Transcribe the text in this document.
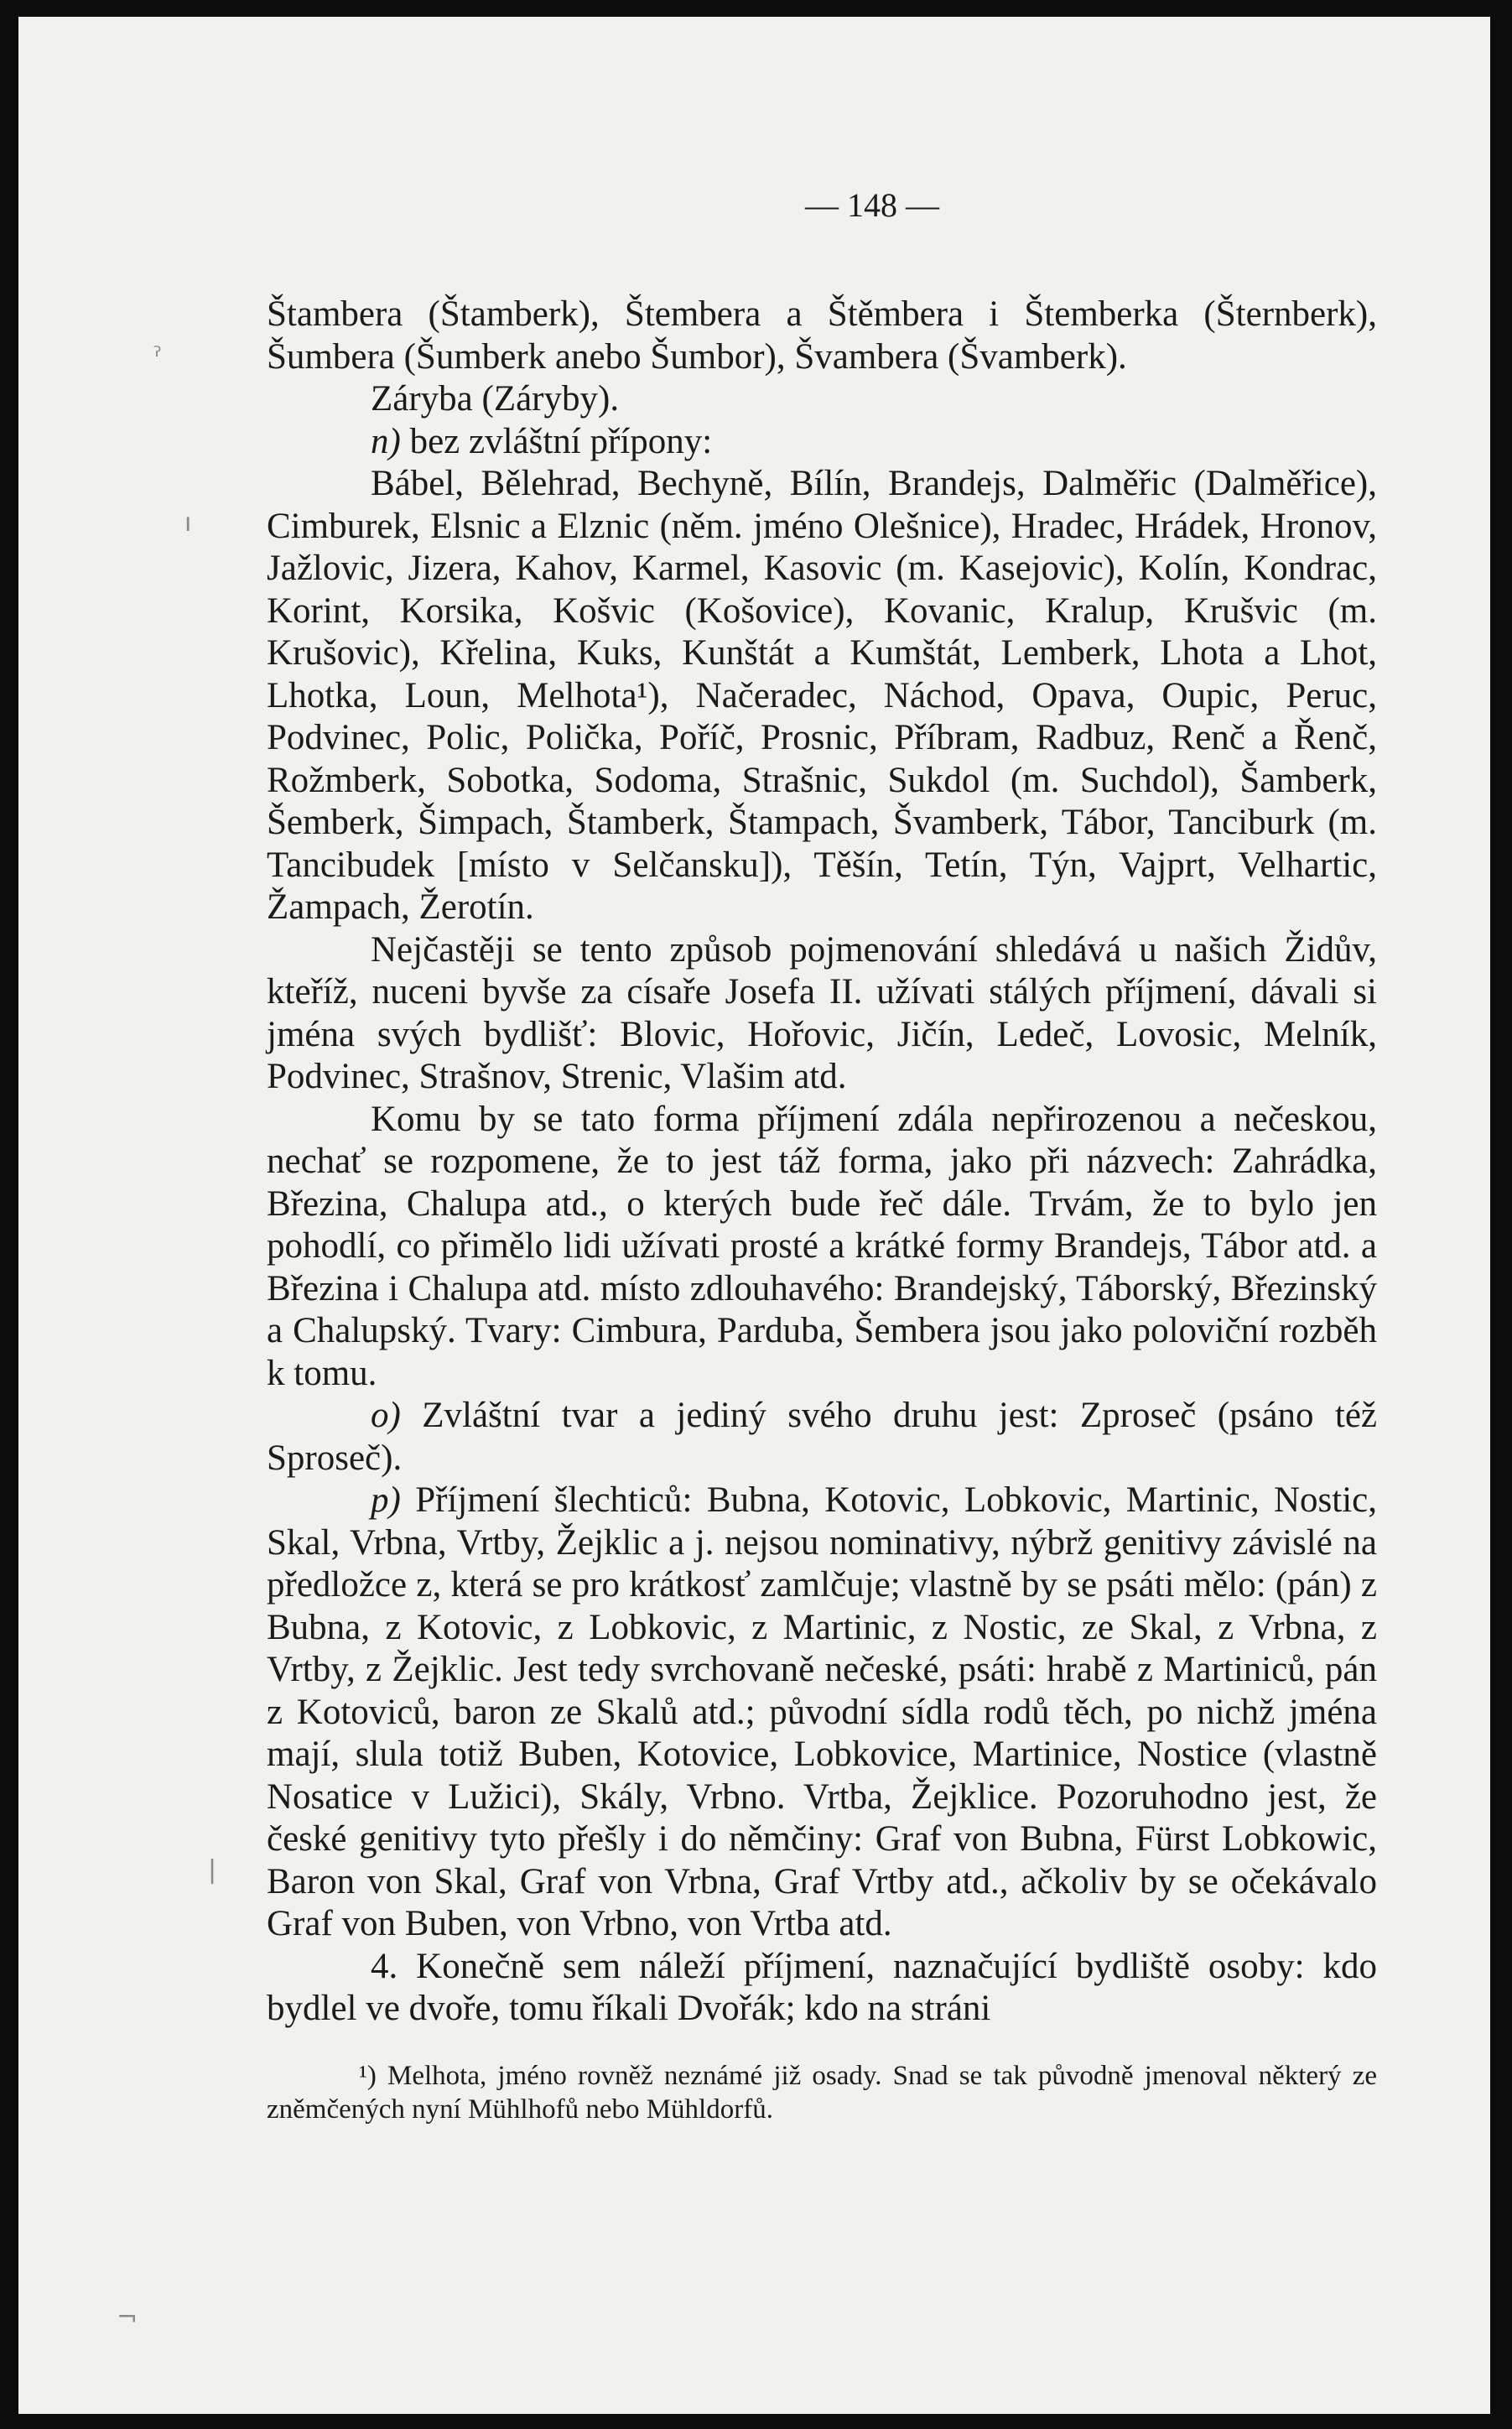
ˀ
ı
|
¬
— 148 —

Štambera (Štamberk), Štembera a Štěmbera i Štemberka (Šternberk), Šumbera (Šumberk anebo Šumbor), Švambera (Švamberk).

Záryba (Záryby).

n) bez zvláštní přípony:

Bábel, Bělehrad, Bechyně, Bílín, Brandejs, Dalměřic (Dalměřice), Cimburek, Elsnic a Elznic (něm. jméno Olešnice), Hradec, Hrádek, Hronov, Jažlovic, Jizera, Kahov, Karmel, Kasovic (m. Kasejovic), Kolín, Kondrac, Korint, Korsika, Košvic (Košovice), Kovanic, Kralup, Krušvic (m. Krušovic), Křelina, Kuks, Kunštát a Kumštát, Lemberk, Lhota a Lhot, Lhotka, Loun, Melhota¹), Načeradec, Náchod, Opava, Oupic, Peruc, Podvinec, Polic, Polička, Poříč, Prosnic, Příbram, Radbuz, Renč a Řenč, Rožmberk, Sobotka, Sodoma, Strašnic, Sukdol (m. Suchdol), Šamberk, Šemberk, Šimpach, Štamberk, Štampach, Švamberk, Tábor, Tanciburk (m. Tancibudek [místo v Selčansku]), Těšín, Tetín, Týn, Vajprt, Velhartic, Žampach, Žerotín.

Nejčastěji se tento způsob pojmenování shledává u našich Židův, kteříž, nuceni byvše za císaře Josefa II. užívati stálých příjmení, dávali si jména svých bydlišť: Blovic, Hořovic, Jičín, Ledeč, Lovosic, Melník, Podvinec, Strašnov, Strenic, Vlašim atd.

Komu by se tato forma příjmení zdála nepřirozenou a nečeskou, nechať se rozpomene, že to jest táž forma, jako při názvech: Zahrádka, Březina, Chalupa atd., o kterých bude řeč dále. Trvám, že to bylo jen pohodlí, co přimělo lidi užívati prosté a krátké formy Brandejs, Tábor atd. a Březina i Chalupa atd. místo zdlouhavého: Brandejský, Táborský, Březinský a Chalupský. Tvary: Cimbura, Parduba, Šembera jsou jako poloviční rozběh k tomu.

o) Zvláštní tvar a jediný svého druhu jest: Zproseč (psáno též Sproseč).

p) Příjmení šlechticů: Bubna, Kotovic, Lobkovic, Martinic, Nostic, Skal, Vrbna, Vrtby, Žejklic a j. nejsou nominativy, nýbrž genitivy závislé na předložce z, která se pro krátkosť zamlčuje; vlastně by se psáti mělo: (pán) z Bubna, z Kotovic, z Lobkovic, z Martinic, z Nostic, ze Skal, z Vrbna, z Vrtby, z Žejklic. Jest tedy svrchovaně nečeské, psáti: hrabě z Martiniců, pán z Kotoviců, baron ze Skalů atd.; původní sídla rodů těch, po nichž jména mají, slula totiž Buben, Kotovice, Lobkovice, Martinice, Nostice (vlastně Nosatice v Lužici), Skály, Vrbno. Vrtba, Žejklice. Pozoruhodno jest, že české genitivy tyto přešly i do němčiny: Graf von Bubna, Fürst Lobkowic, Baron von Skal, Graf von Vrbna, Graf Vrtby atd., ačkoliv by se očekávalo Graf von Buben, von Vrbno, von Vrtba atd.

4. Konečně sem náleží příjmení, naznačující bydliště osoby: kdo bydlel ve dvoře, tomu říkali Dvořák; kdo na stráni

¹) Melhota, jméno rovněž neznámé již osady. Snad se tak původně jmenoval některý ze zněmčených nyní Mühlhofů nebo Mühldorfů.
